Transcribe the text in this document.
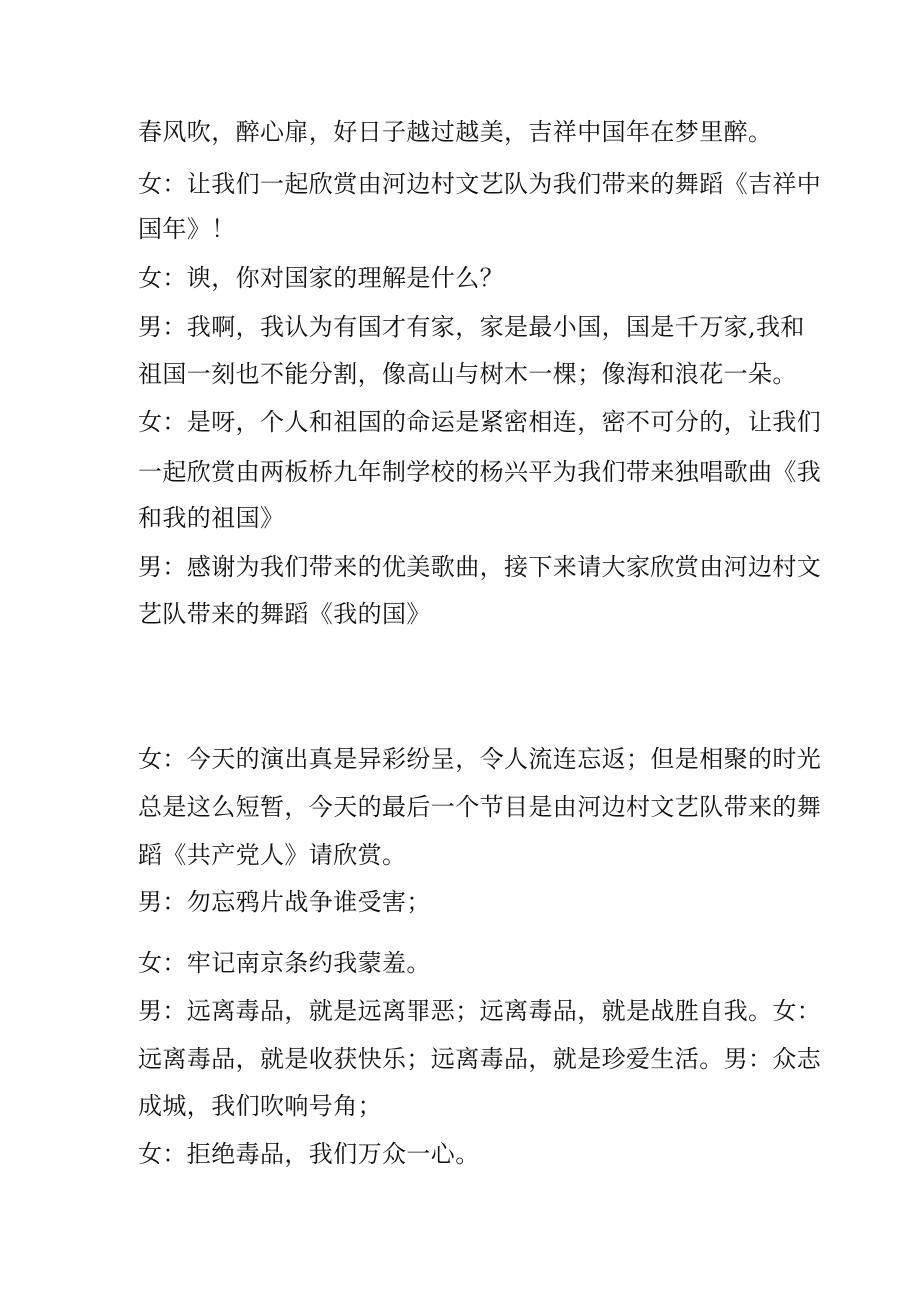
春风吹，醉心扉，好日子越过越美，吉祥中国年在梦里醉。
女：让我们一起欣赏由河边村文艺队为我们带来的舞蹈《吉祥中
国年》！
女：谀，你对国家的理解是什么？
男：我啊，我认为有国才有家，家是最小国，国是千万家,我和
祖国一刻也不能分割，像高山与树木一棵；像海和浪花一朵。
女：是呀，个人和祖国的命运是紧密相连，密不可分的，让我们
一起欣赏由两板桥九年制学校的杨兴平为我们带来独唱歌曲《我
和我的祖国》
男：感谢为我们带来的优美歌曲，接下来请大家欣赏由河边村文
艺队带来的舞蹈《我的国》
女：今天的演出真是异彩纷呈，令人流连忘返；但是相聚的时光
总是这么短暂，今天的最后一个节目是由河边村文艺队带来的舞
蹈《共产党人》请欣赏。
男：勿忘鸦片战争谁受害；
女：牢记南京条约我蒙羞。
男：远离毒品，就是远离罪恶；远离毒品，就是战胜自我。女：
远离毒品，就是收获快乐；远离毒品，就是珍爱生活。男：众志
成城，我们吹响号角；
女：拒绝毒品，我们万众一心。
